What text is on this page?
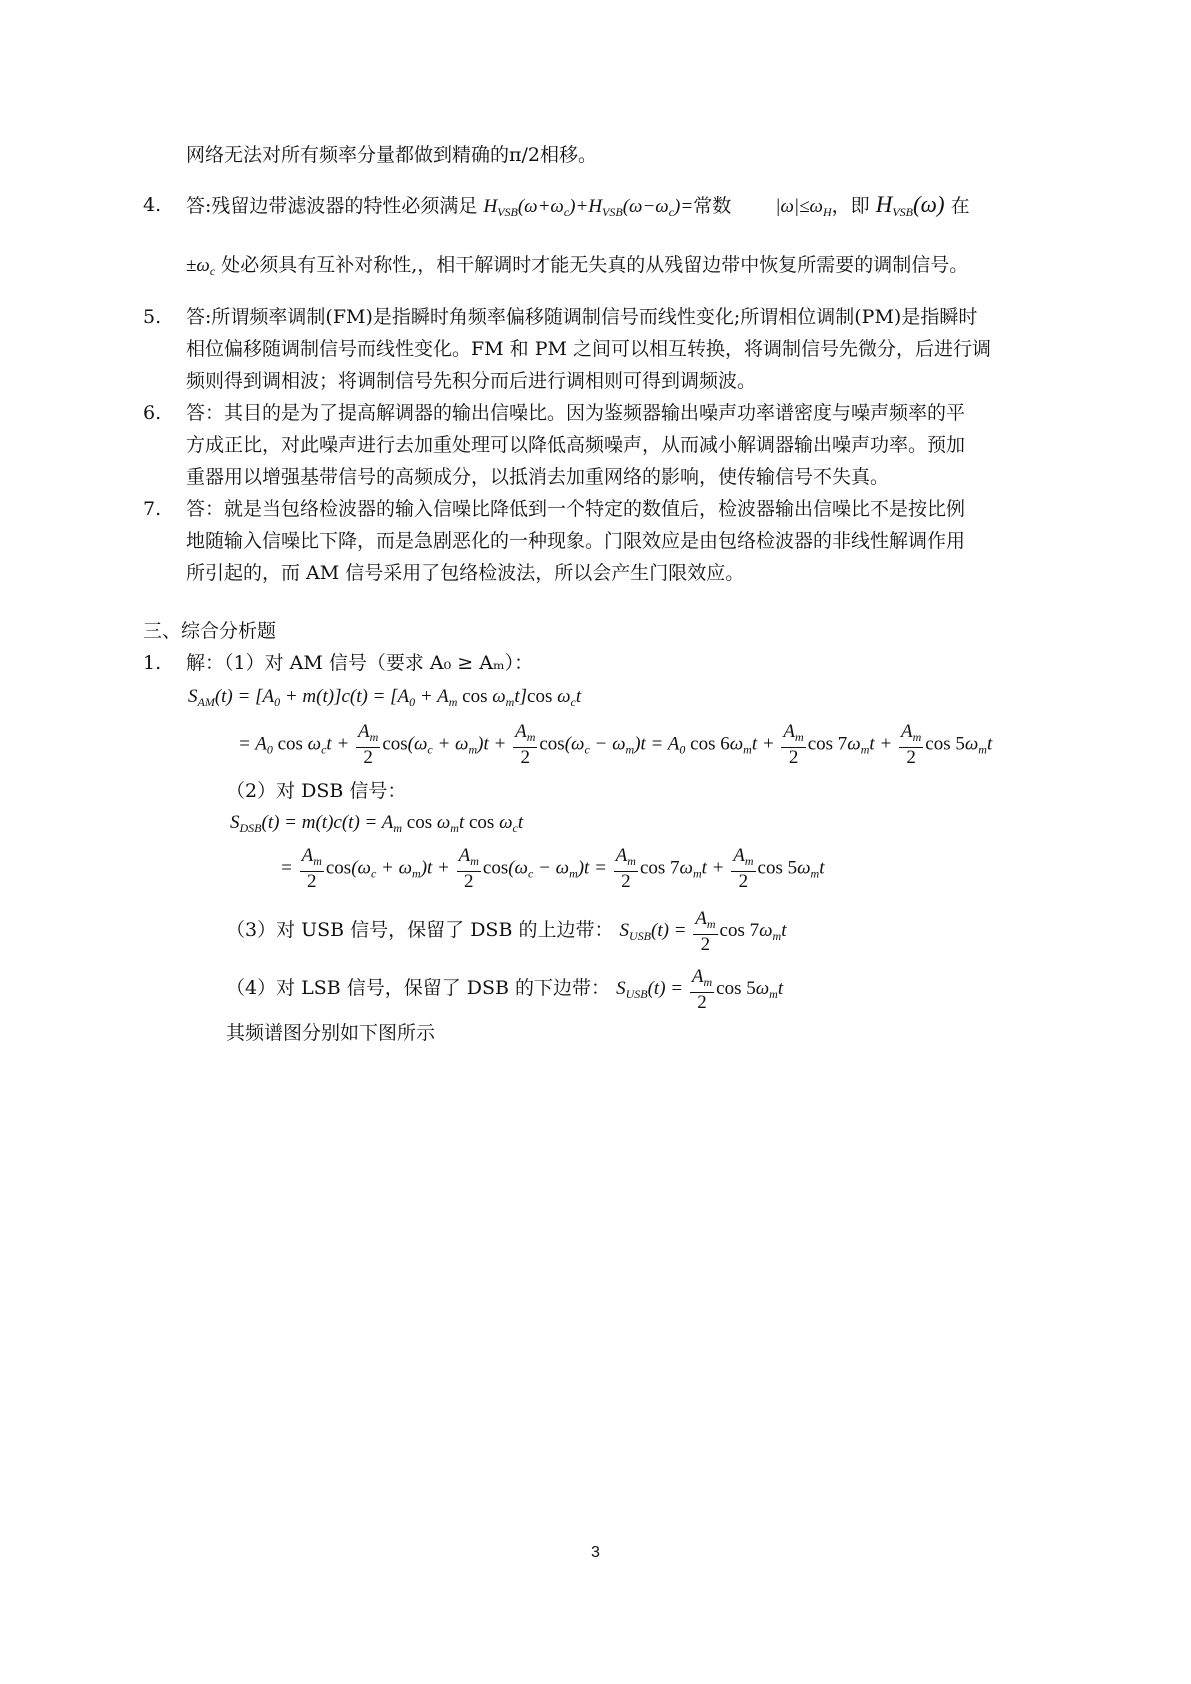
网络无法对所有频率分量都做到精确的π/2相移。
4. 答:残留边带滤波器的特性必须满足 $H_{VSB}(\omega+\omega_c)+H_{VSB}(\omega-\omega_c)=$常数 $|\omega|\le\omega_H$，即 $H_{VSB}(\omega)$ 在
$\pm\omega_c$ 处必须具有互补对称性,，相干解调时才能无失真的从残留边带中恢复所需要的调制信号。
5. 答:所谓频率调制(FM)是指瞬时角频率偏移随调制信号而线性变化;所谓相位调制(PM)是指瞬时
相位偏移随调制信号而线性变化。FM 和 PM 之间可以相互转换，将调制信号先微分，后进行调
频则得到调相波；将调制信号先积分而后进行调相则可得到调频波。
6. 答：其目的是为了提高解调器的输出信噪比。因为鉴频器输出噪声功率谱密度与噪声频率的平
方成正比，对此噪声进行去加重处理可以降低高频噪声，从而减小解调器输出噪声功率。预加
重器用以增强基带信号的高频成分，以抵消去加重网络的影响，使传输信号不失真。
7. 答：就是当包络检波器的输入信噪比降低到一个特定的数值后，检波器输出信噪比不是按比例
地随输入信噪比下降，而是急剧恶化的一种现象。门限效应是由包络检波器的非线性解调作用
所引起的，而 AM 信号采用了包络检波法，所以会产生门限效应。
三、综合分析题
1. 解：（1）对 AM 信号（要求 A₀ ≥ Aₘ）：
$S_{AM}(t) = [A_0 + m(t)]c(t) = [A_0 + A_m$ $\cos \omega_mt]\cos$ $\omega_ct$
= $A_0$ $\cos \omega_ct + \frac{A_m}{2} \cos(\omega_c + \omega_m)t + \frac{A_m}{2} \cos(\omega_c - \omega_m)t = A_0$ $\cos 6\omega_mt + \frac{A_m}{2}$ $\cos 7\omega_mt + \frac{A_m}{2}$ $\cos 5\omega_mt$
（2）对 DSB 信号：
$S_{DSB}(t) = m(t)c(t) = A_m$ $\cos \omega_mt$ $\cos \omega_ct$
= $\frac{A_m}{2} \cos(\omega_c + \omega_m)t + \frac{A_m}{2} \cos(\omega_c - \omega_m)t = \frac{A_m}{2}$ $\cos 7\omega_mt + \frac{A_m}{2}$ $\cos 5\omega_mt$
（3）对 USB 信号，保留了 DSB 的上边带： $S_{USB}(t) = \frac{A_m}{2}$ $\cos 7\omega_mt$
（4）对 LSB 信号，保留了 DSB 的下边带： $S_{USB}(t) = \frac{A_m}{2}$ $\cos 5\omega_mt$
其频谱图分别如下图所示
3
